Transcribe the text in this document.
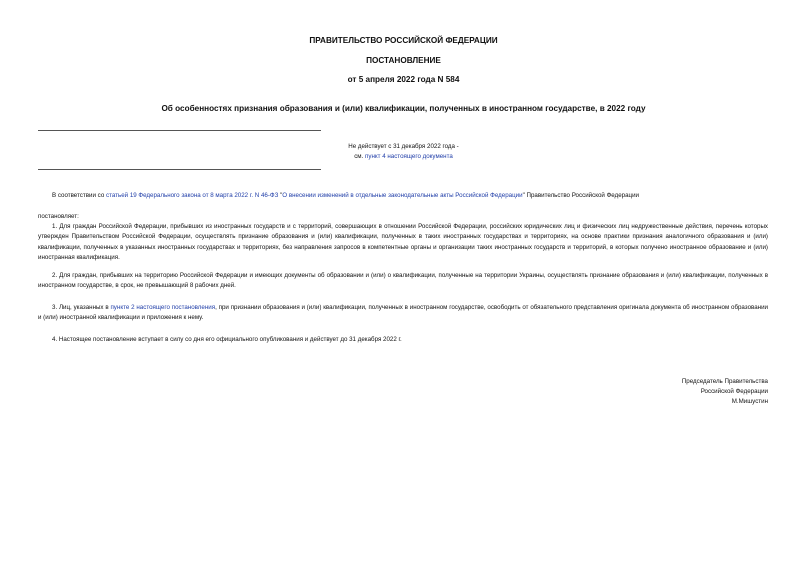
ПРАВИТЕЛЬСТВО РОССИЙСКОЙ ФЕДЕРАЦИИ
ПОСТАНОВЛЕНИЕ
от 5 апреля 2022 года N 584
Об особенностях признания образования и (или) квалификации, полученных в иностранном государстве, в 2022 году
Не действует с 31 декабря 2022 года -
см. пункт 4 настоящего документа
В соответствии со статьей 19 Федерального закона от 8 марта 2022 г. N 46-ФЗ "О внесении изменений в отдельные законодательные акты Российской Федерации" Правительство Российской Федерации
постановляет:
1. Для граждан Российской Федерации, прибывших из иностранных государств и с территорий, совершающих в отношении Российской Федерации, российских юридических лиц и физических лиц недружественные действия, перечень которых утвержден Правительством Российской Федерации, осуществлять признание образования и (или) квалификации, полученных в таких иностранных государствах и территориях, на основе практики признания аналогичного образования и (или) квалификации, полученных в указанных иностранных государствах и территориях, без направления запросов в компетентные органы и организации таких иностранных государств и территорий, в которых получено иностранное образование и (или) иностранная квалификация.
2. Для граждан, прибывших на территорию Российской Федерации и имеющих документы об образовании и (или) о квалификации, полученные на территории Украины, осуществлять признание образования и (или) квалификации, полученных в иностранном государстве, в срок, не превышающий 8 рабочих дней.
3. Лиц, указанных в пункте 2 настоящего постановления, при признании образования и (или) квалификации, полученных в иностранном государстве, освободить от обязательного представления оригинала документа об иностранном образовании и (или) иностранной квалификации и приложения к нему.
4. Настоящее постановление вступает в силу со дня его официального опубликования и действует до 31 декабря 2022 г.
Председатель Правительства
Российской Федерации
М.Мишустин
